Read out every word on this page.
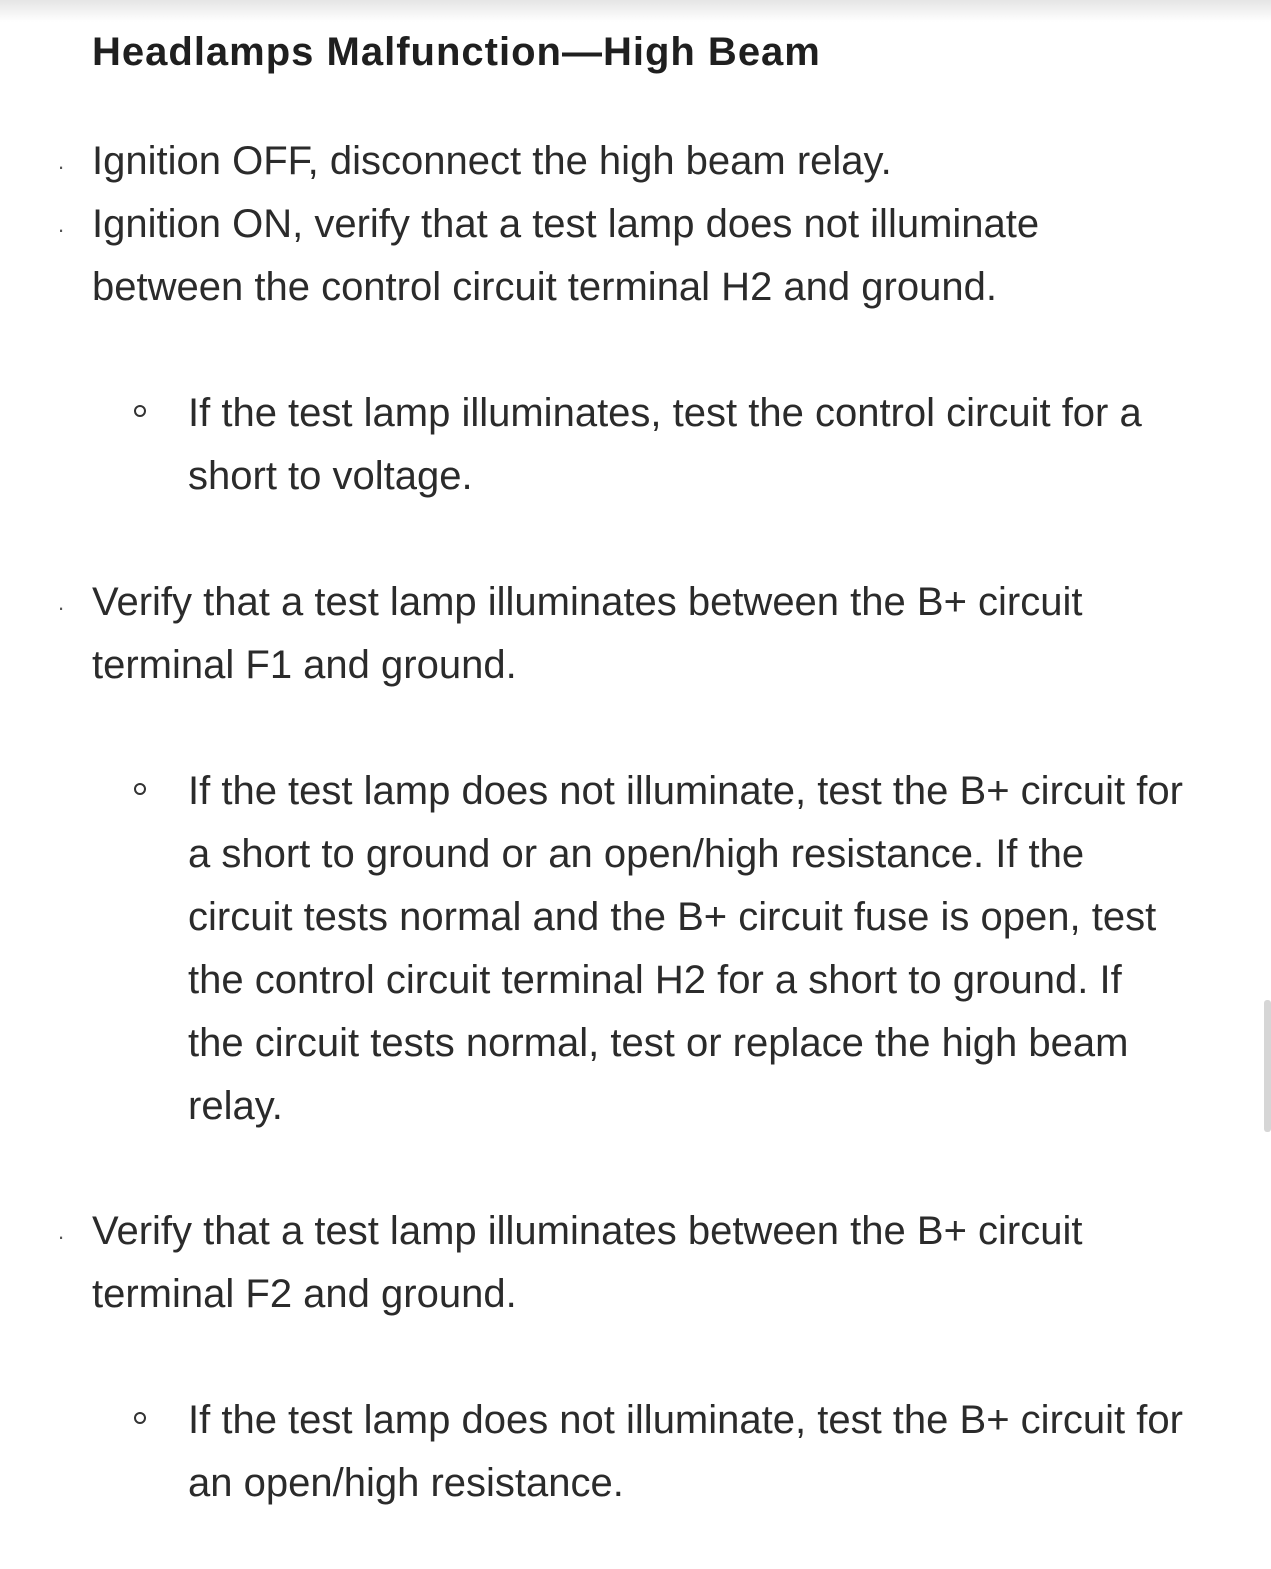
Headlamps Malfunction—High Beam
. Ignition OFF, disconnect the high beam relay.
. Ignition ON, verify that a test lamp does not illuminate between the control circuit terminal H2 and ground.
If the test lamp illuminates, test the control circuit for a short to voltage.
. Verify that a test lamp illuminates between the B+ circuit terminal F1 and ground.
If the test lamp does not illuminate, test the B+ circuit for a short to ground or an open/high resistance. If the circuit tests normal and the B+ circuit fuse is open, test the control circuit terminal H2 for a short to ground. If the circuit tests normal, test or replace the high beam relay.
. Verify that a test lamp illuminates between the B+ circuit terminal F2 and ground.
If the test lamp does not illuminate, test the B+ circuit for an open/high resistance.
